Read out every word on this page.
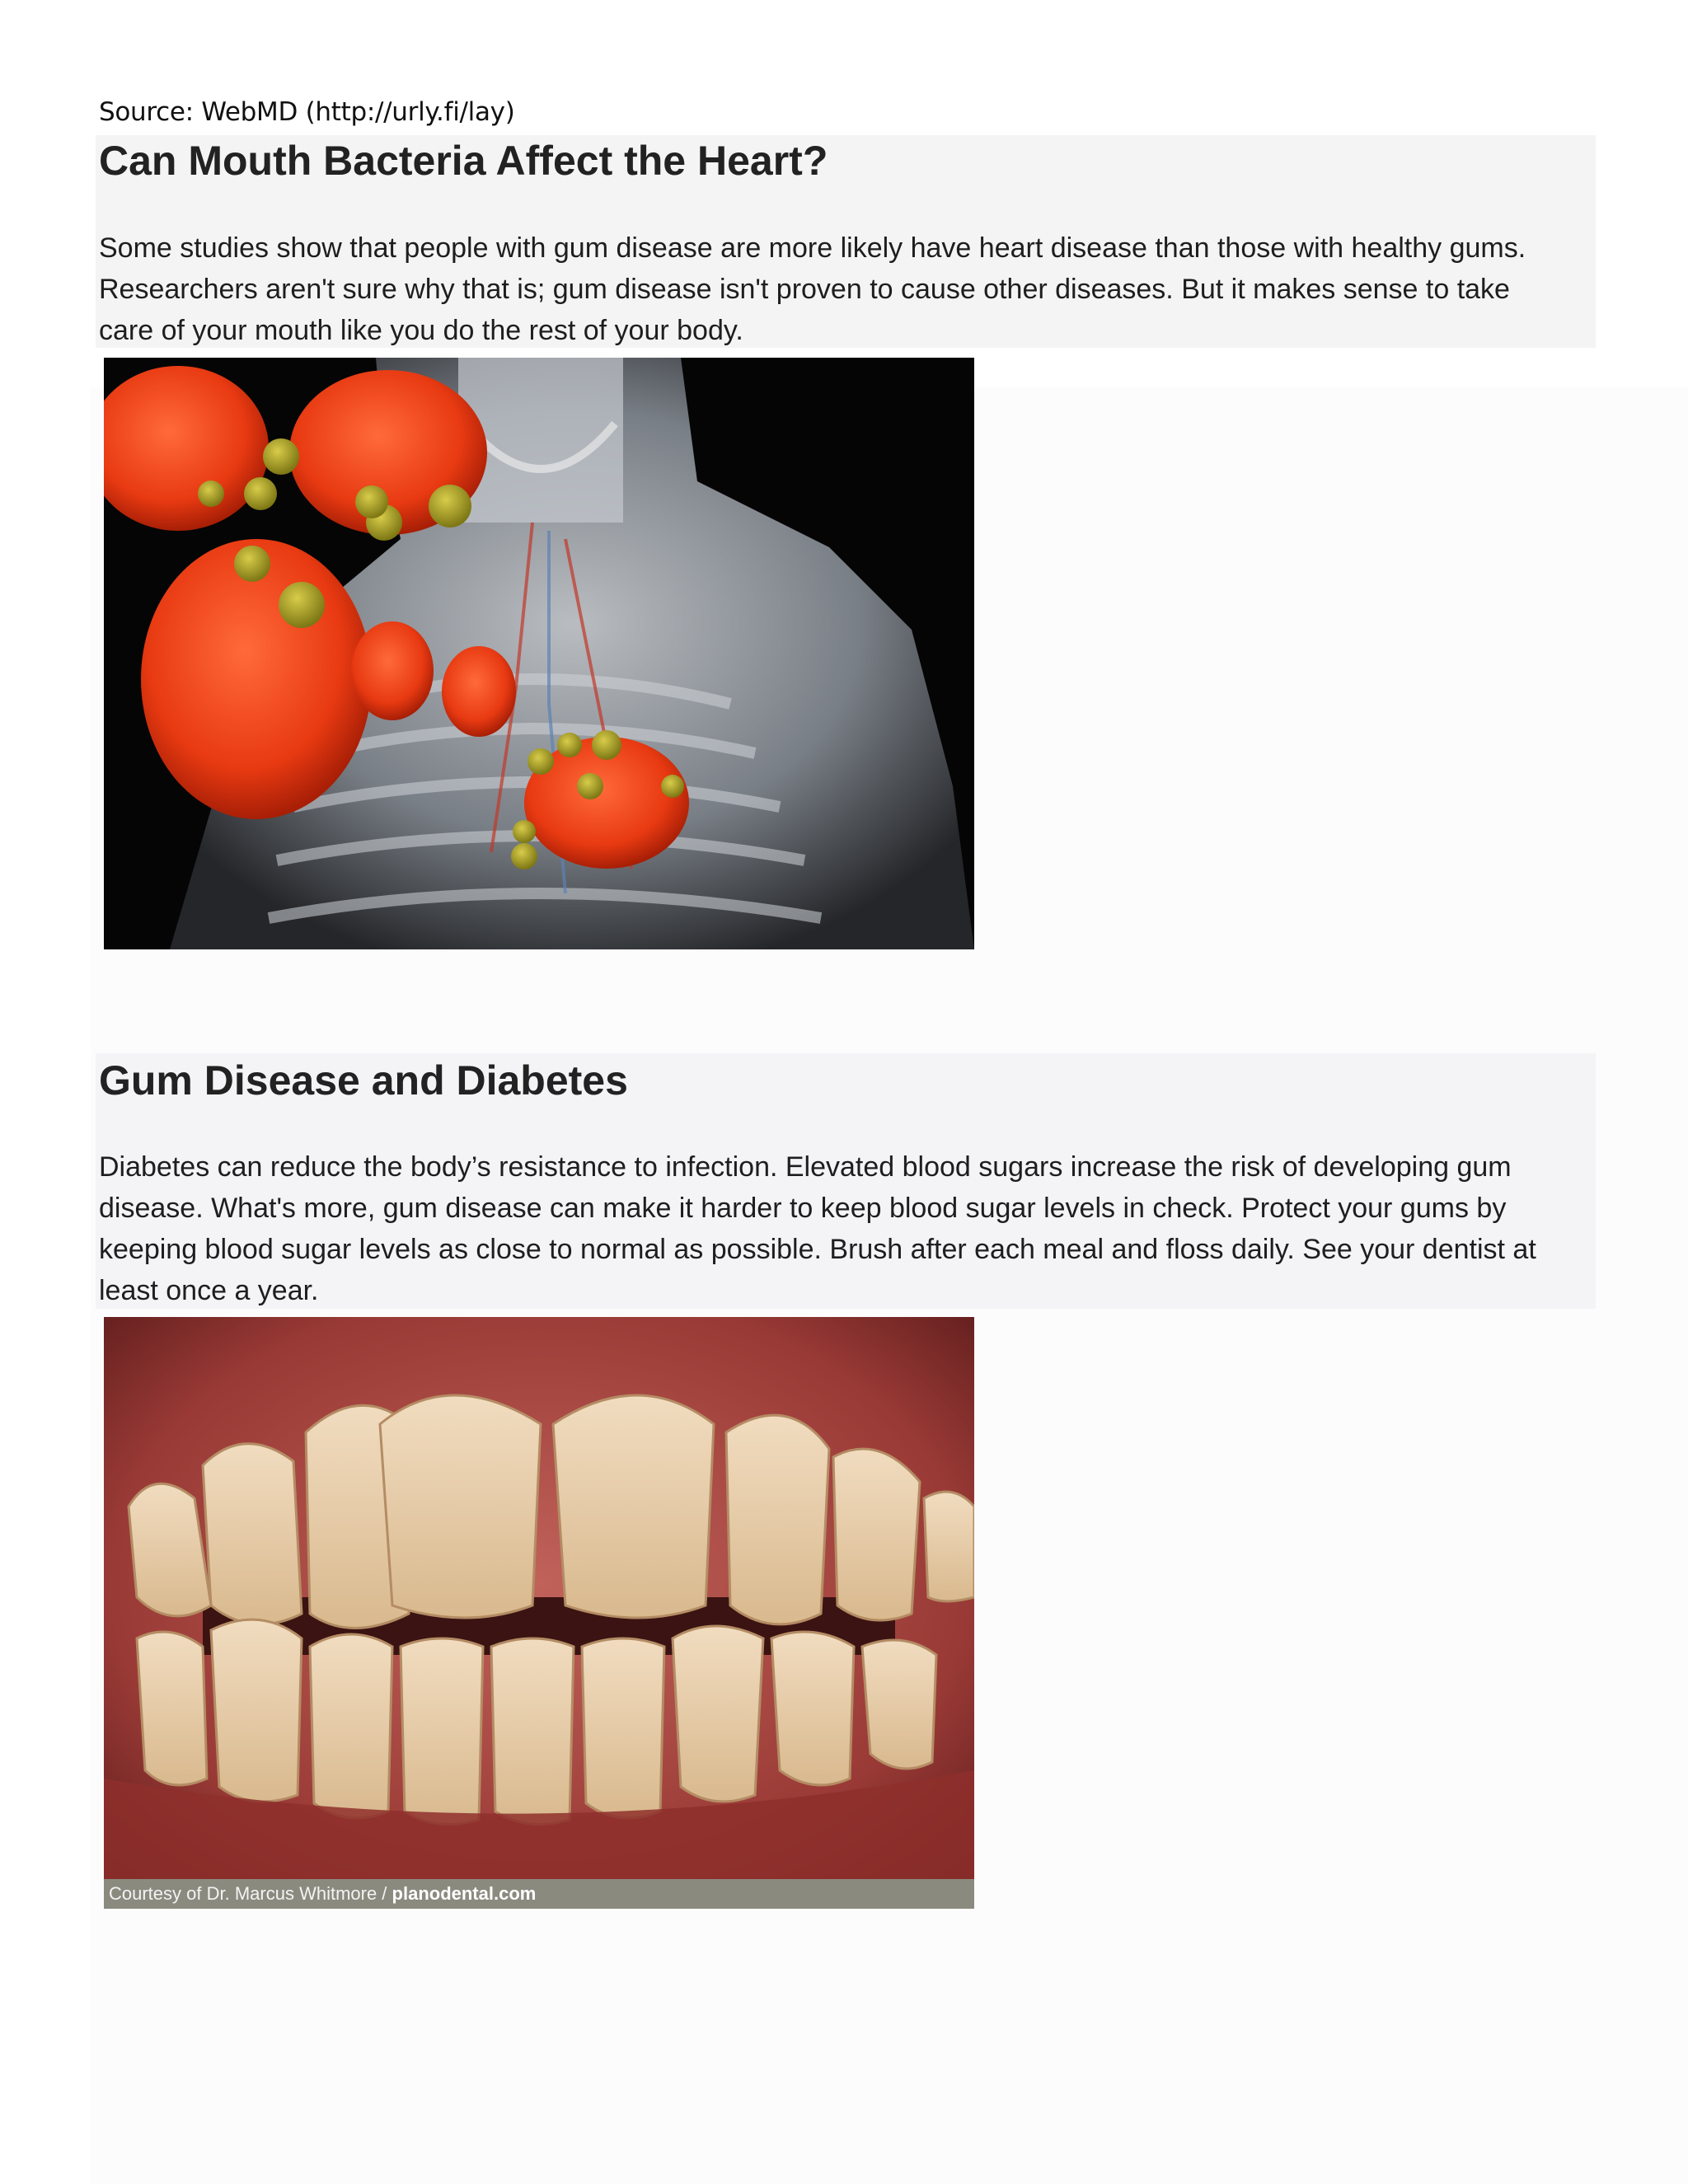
Source: WebMD (http://urly.fi/lay)
Can Mouth Bacteria Affect the Heart?
Some studies show that people with gum disease are more likely have heart disease than those with healthy gums.
Researchers aren't sure why that is; gum disease isn't proven to cause other diseases. But it makes sense to take
care of your mouth like you do the rest of your body.
Gum Disease and Diabetes
Diabetes can reduce the body’s resistance to infection. Elevated blood sugars increase the risk of developing gum
disease. What's more, gum disease can make it harder to keep blood sugar levels in check. Protect your gums by
keeping blood sugar levels as close to normal as possible. Brush after each meal and floss daily. See your dentist at
least once a year.
Courtesy of Dr. Marcus Whitmore / planodental.com
